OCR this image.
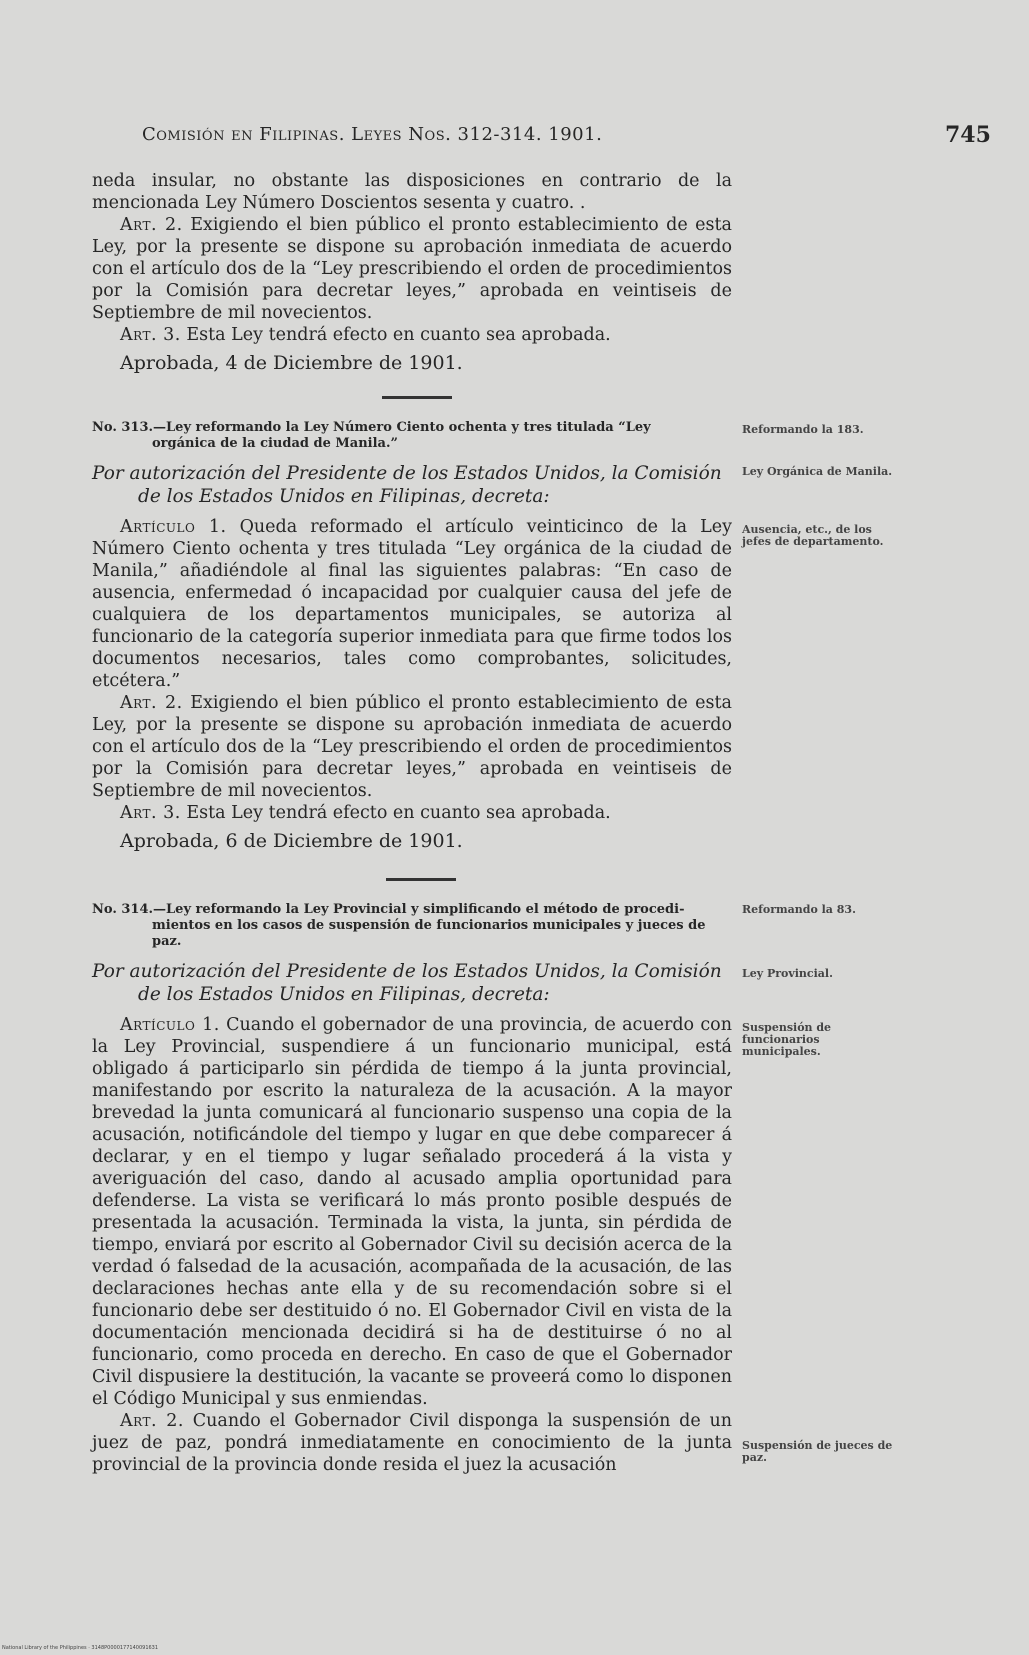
Comisión en Filipinas. Leyes Nos. 312-314. 1901.	745

neda insular, no obstante las disposiciones en contrario de la mencionada Ley Número Doscientos sesenta y cuatro. .

Art. 2. Exigiendo el bien público el pronto establecimiento de esta Ley, por la presente se dispone su aprobación inmediata de acuerdo con el artículo dos de la “Ley prescribiendo el orden de procedimientos por la Comisión para decretar leyes,” aprobada en veintiseis de Septiembre de mil novecientos.

Art. 3. Esta Ley tendrá efecto en cuanto sea aprobada.

Aprobada, 4 de Diciembre de 1901.

No. 313.—Ley reformando la Ley Número Ciento ochenta y tres titulada “Ley
orgánica de la ciudad de Manila.”

Por autorización del Presidente de los Estados Unidos, la Comisión
de los Estados Unidos en Filipinas, decreta:

Artículo 1. Queda reformado el artículo veinticinco de la Ley Número Ciento ochenta y tres titulada “Ley orgánica de la ciudad de Manila,” añadiéndole al final las siguientes palabras: “En caso de ausencia, enfermedad ó incapacidad por cualquier causa del jefe de cualquiera de los departamentos municipales, se autoriza al funcionario de la categoría superior inmediata para que firme todos los documentos necesarios, tales como comprobantes, solicitudes, etcétera.”

Art. 2. Exigiendo el bien público el pronto establecimiento de esta Ley, por la presente se dispone su aprobación inmediata de acuerdo con el artículo dos de la “Ley prescribiendo el orden de procedimientos por la Comisión para decretar leyes,” aprobada en veintiseis de Septiembre de mil novecientos.

Art. 3. Esta Ley tendrá efecto en cuanto sea aprobada.

Aprobada, 6 de Diciembre de 1901.

Reformando la 183.
Ley Orgánica de Manila.
Ausencia, etc., de los jefes de departamento.

No. 314.—Ley reformando la Ley Provincial y simplificando el método de procedi-
mientos en los casos de suspensión de funcionarios municipales y jueces de
paz.

Por autorización del Presidente de los Estados Unidos, la Comisión
de los Estados Unidos en Filipinas, decreta:

Artículo 1. Cuando el gobernador de una provincia, de acuerdo con la Ley Provincial, suspendiere á un funcionario municipal, está obligado á participarlo sin pérdida de tiempo á la junta provincial, manifestando por escrito la naturaleza de la acusación. A la mayor brevedad la junta comunicará al funcionario suspenso una copia de la acusación, notificándole del tiempo y lugar en que debe comparecer á declarar, y en el tiempo y lugar señalado procederá á la vista y averiguación del caso, dando al acusado amplia oportunidad para defenderse. La vista se verificará lo más pronto posible después de presentada la acusación. Terminada la vista, la junta, sin pérdida de tiempo, enviará por escrito al Gobernador Civil su decisión acerca de la verdad ó falsedad de la acusación, acompañada de la acusación, de las declaraciones hechas ante ella y de su recomendación sobre si el funcionario debe ser destituido ó no. El Gobernador Civil en vista de la documentación mencionada decidirá si ha de destituirse ó no al funcionario, como proceda en derecho. En caso de que el Gobernador Civil dispusiere la destitución, la vacante se proveerá como lo disponen el Código Municipal y sus enmiendas.

Art. 2. Cuando el Gobernador Civil disponga la suspensión de un juez de paz, pondrá inmediatamente en conocimiento de la junta provincial de la provincia donde resida el juez la acusación

Reformando la 83.
Ley Provincial.
Suspensión de funcionarios municipales.
Suspensión de jueces de paz.
National Library of the Philippines · 3148P0000177140091631
